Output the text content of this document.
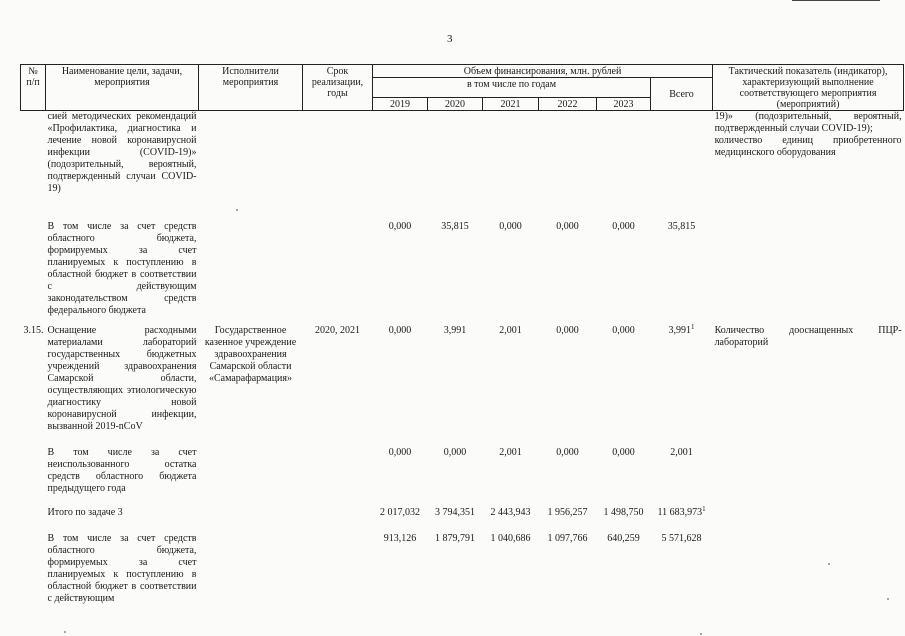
3
№ п/п	Наименование цели, задачи, мероприятия	Исполнители мероприятия	Срок реализации, годы	Объем финансирования, млн. рублей						Тактический показатель (индикатор), характеризующий выполнение соответствующего мероприятия (мероприятий)
				в том числе по годам					Всего	
				2019	2020	2021	2022	2023		
	сией методических рекомендаций «Профилактика, диагностика и лечение новой коронавирусной инфекции (COVID-19)» (подозрительный, вероятный, подтвержденный случаи COVID-19)									19)» (подозрительный, вероятный, подтвержденный случаи COVID-19);
количество единиц приобретенного медицинского оборудования

	В том числе за счет средств областного бюджета, формируемых за счет планируемых к поступлению в областной бюджет в соответствии с действующим законодательством средств федерального бюджета			0,000	35,815	0,000	0,000	0,000	35,815	

3.15.	Оснащение расходными материалами лабораторий государственных бюджетных учреждений здравоохранения Самарской области, осуществляющих этиологическую диагностику новой коронавирусной инфекции, вызванной 2019-nCoV	Государственное казенное учреждение здравоохранения Самарской области «Самарафармация»	2020, 2021	0,000	3,991	2,001	0,000	0,000	3,991$^1$	Количество дооснащенных ПЦР-лабораторий

	В том числе за счет неиспользованного остатка средств областного бюджета предыдущего года			0,000	0,000	2,001	0,000	0,000	2,001	

	Итого по задаче 3			2 017,032	3 794,351	2 443,943	1 956,257	1 498,750	11 683,973$^1$	

	В том числе за счет средств областного бюджета, формируемых за счет планируемых к поступлению в областной бюджет в соответствии с действующим			913,126	1 879,791	1 040,686	1 097,766	640,259	5 571,628	
